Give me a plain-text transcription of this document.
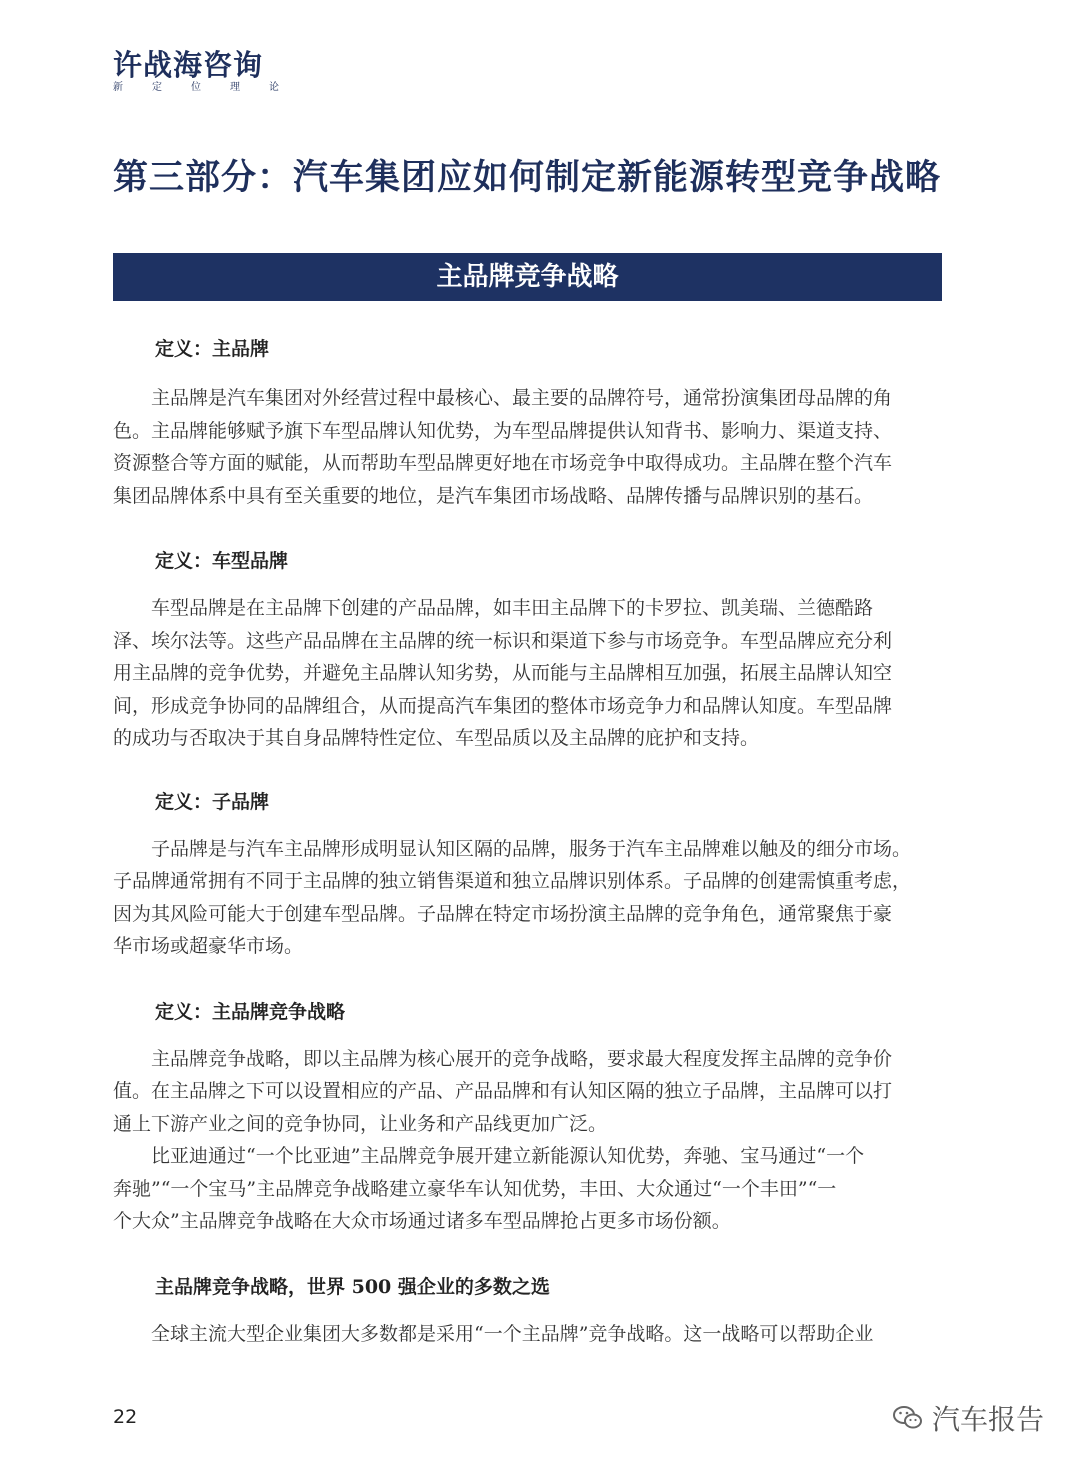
许战海咨询
新定位理论
第三部分：汽车集团应如何制定新能源转型竞争战略
主品牌竞争战略
定义：主品牌

主品牌是汽车集团对外经营过程中最核心、最主要的品牌符号，通常扮演集团母品牌的角
色。主品牌能够赋予旗下车型品牌认知优势，为车型品牌提供认知背书、影响力、渠道支持、
资源整合等方面的赋能，从而帮助车型品牌更好地在市场竞争中取得成功。主品牌在整个汽车
集团品牌体系中具有至关重要的地位，是汽车集团市场战略、品牌传播与品牌识别的基石。

定义：车型品牌

车型品牌是在主品牌下创建的产品品牌，如丰田主品牌下的卡罗拉、凯美瑞、兰德酷路
泽、埃尔法等。这些产品品牌在主品牌的统一标识和渠道下参与市场竞争。车型品牌应充分利
用主品牌的竞争优势，并避免主品牌认知劣势，从而能与主品牌相互加强，拓展主品牌认知空
间，形成竞争协同的品牌组合，从而提高汽车集团的整体市场竞争力和品牌认知度。车型品牌
的成功与否取决于其自身品牌特性定位、车型品质以及主品牌的庇护和支持。

定义：子品牌

子品牌是与汽车主品牌形成明显认知区隔的品牌，服务于汽车主品牌难以触及的细分市场。
子品牌通常拥有不同于主品牌的独立销售渠道和独立品牌识别体系。子品牌的创建需慎重考虑，
因为其风险可能大于创建车型品牌。子品牌在特定市场扮演主品牌的竞争角色，通常聚焦于豪
华市场或超豪华市场。

定义：主品牌竞争战略

主品牌竞争战略，即以主品牌为核心展开的竞争战略，要求最大程度发挥主品牌的竞争价
值。在主品牌之下可以设置相应的产品、产品品牌和有认知区隔的独立子品牌，主品牌可以打
通上下游产业之间的竞争协同，让业务和产品线更加广泛。

比亚迪通过“一个比亚迪”主品牌竞争展开建立新能源认知优势，奔驰、宝马通过“一个
奔驰”“一个宝马”主品牌竞争战略建立豪华车认知优势，丰田、大众通过“一个丰田”“一
个大众”主品牌竞争战略在大众市场通过诸多车型品牌抢占更多市场份额。

主品牌竞争战略，世界 500 强企业的多数之选

全球主流大型企业集团大多数都是采用“一个主品牌”竞争战略。这一战略可以帮助企业

22	汽车报告
